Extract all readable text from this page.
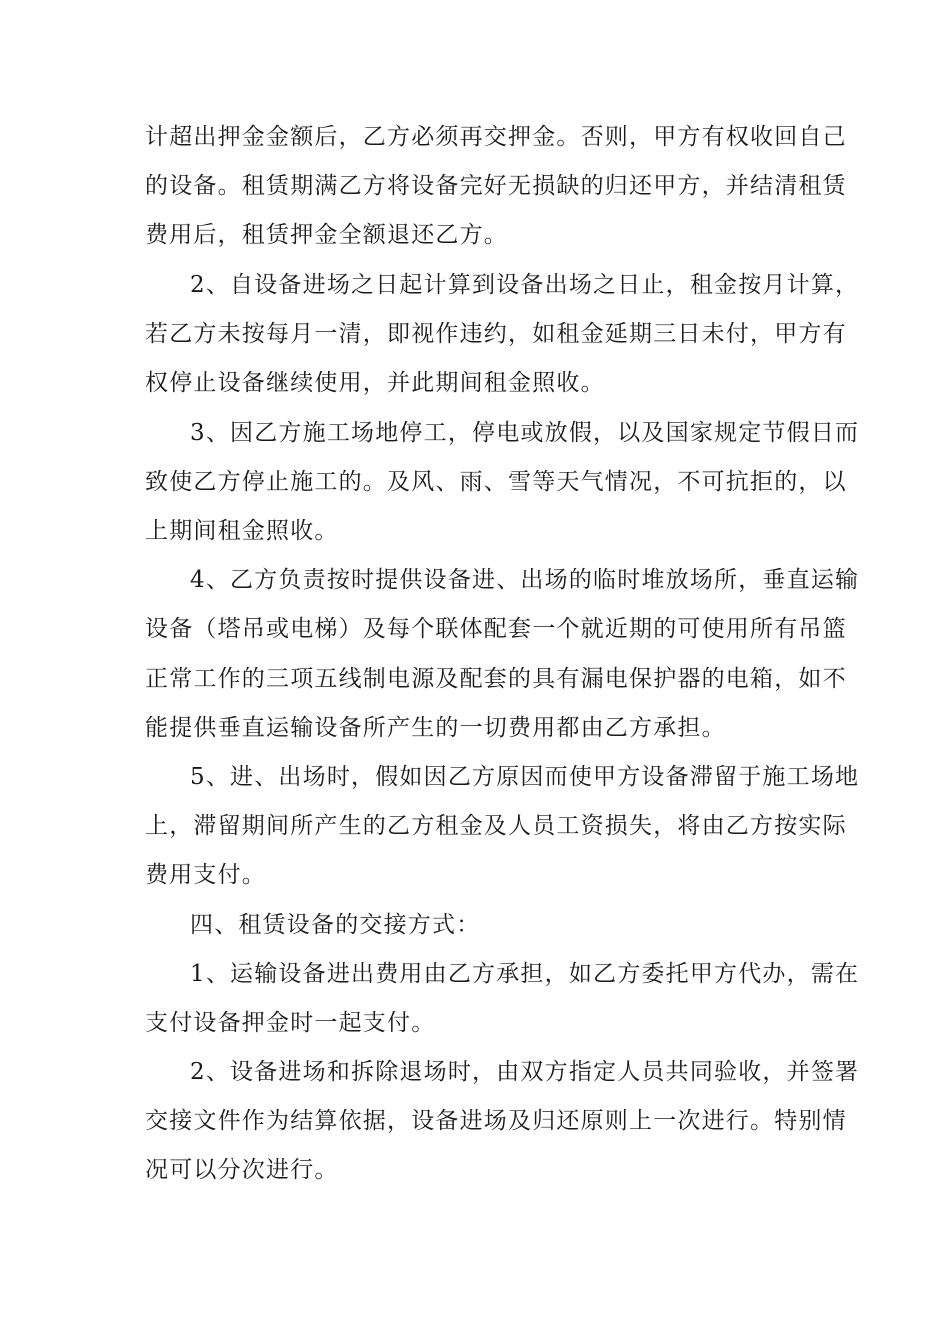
计超出押金金额后，乙方必须再交押金。否则，甲方有权收回自己
的设备。租赁期满乙方将设备完好无损缺的归还甲方，并结清租赁
费用后，租赁押金全额退还乙方。
2、自设备进场之日起计算到设备出场之日止，租金按月计算，
若乙方未按每月一清，即视作违约，如租金延期三日未付，甲方有
权停止设备继续使用，并此期间租金照收。
3、因乙方施工场地停工，停电或放假，以及国家规定节假日而
致使乙方停止施工的。及风、雨、雪等天气情况，不可抗拒的，以
上期间租金照收。
4、乙方负责按时提供设备进、出场的临时堆放场所，垂直运输
设备（塔吊或电梯）及每个联体配套一个就近期的可使用所有吊篮
正常工作的三项五线制电源及配套的具有漏电保护器的电箱，如不
能提供垂直运输设备所产生的一切费用都由乙方承担。
5、进、出场时，假如因乙方原因而使甲方设备滞留于施工场地
上，滞留期间所产生的乙方租金及人员工资损失，将由乙方按实际
费用支付。
四、租赁设备的交接方式：
1、运输设备进出费用由乙方承担，如乙方委托甲方代办，需在
支付设备押金时一起支付。
2、设备进场和拆除退场时，由双方指定人员共同验收，并签署
交接文件作为结算依据，设备进场及归还原则上一次进行。特别情
况可以分次进行。
